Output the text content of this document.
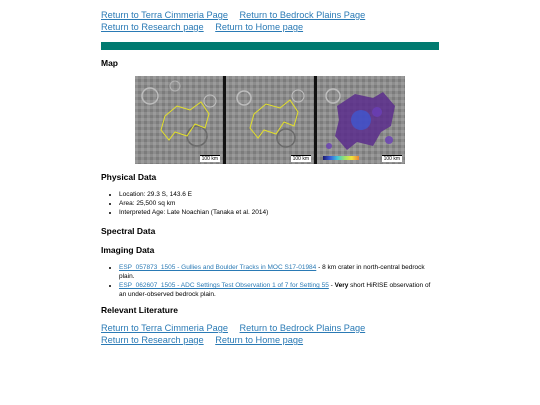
Return to Terra Cimmeria Page Return to Bedrock Plains Page
Return to Research page Return to Home page
Map
100 km	100 km	100 km
Physical Data
• Location: 29.3 S, 143.6 E
• Area: 25,500 sq km
• Interpreted Age: Late Noachian (Tanaka et al. 2014)
Spectral Data
Imaging Data
• ESP_057873_1505 - Gullies and Boulder Tracks in MOC S17-01984 - 8 km crater in north-central bedrock plain.
• ESP_062607_1505 - ADC Settings Test Observation 1 of 7 for Setting 55 - Very short HiRISE observation of an under-observed bedrock plain.
Relevant Literature
Return to Terra Cimmeria Page Return to Bedrock Plains Page
Return to Research page Return to Home page
